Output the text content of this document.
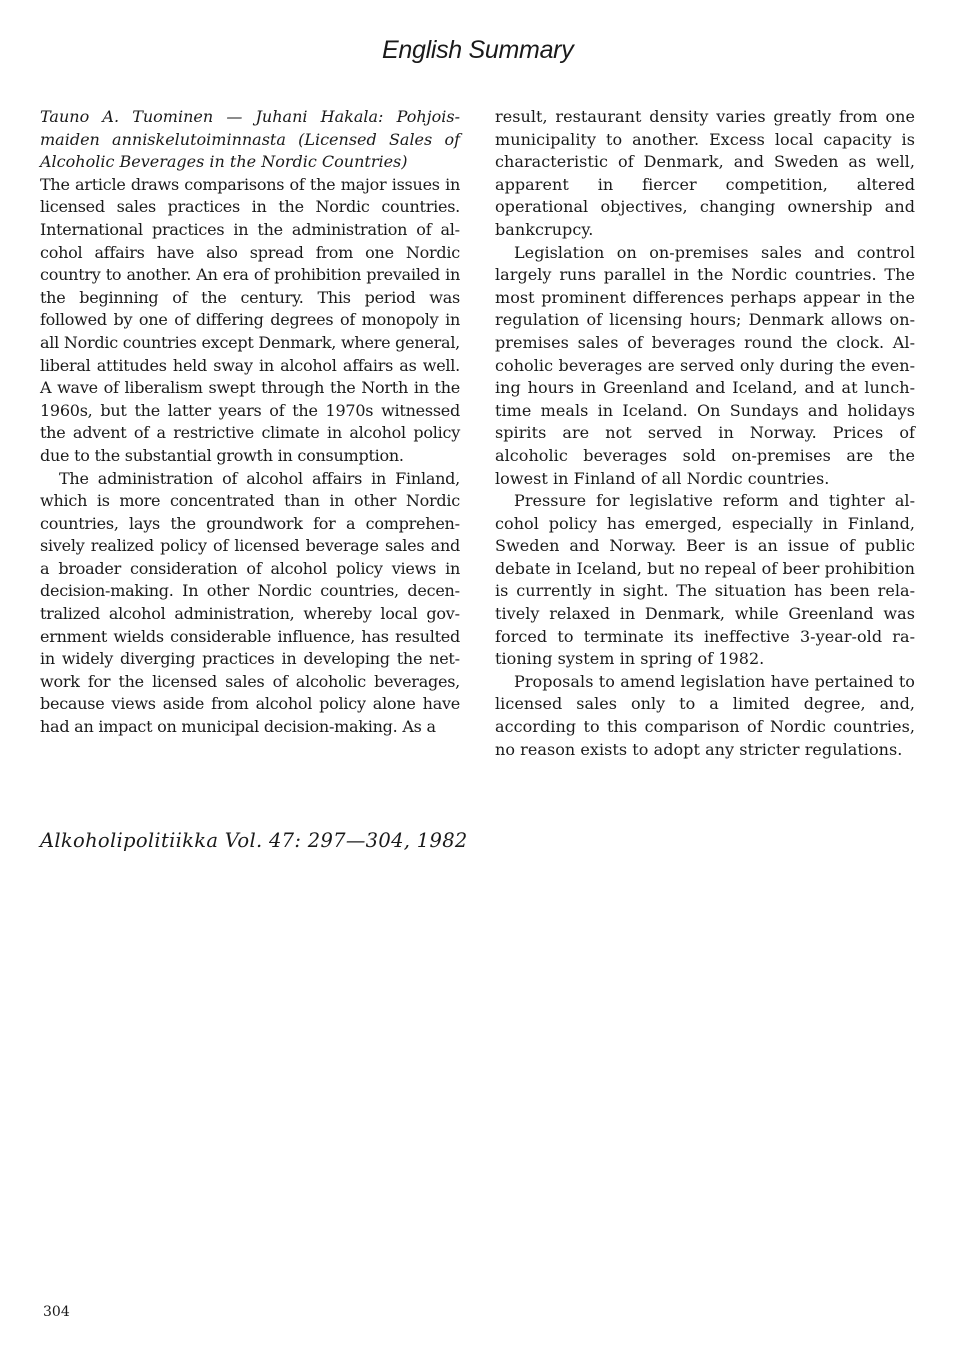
English Summary

Tauno A. Tuominen — Juhani Hakala: Pohjoismaiden anniskelutoiminnasta (Licensed Sales of Alcoholic Beverages in the Nordic Countries)

The article draws comparisons of the major issues in licensed sales practices in the Nordic countries. International practices in the administration of alcohol affairs have also spread from one Nordic country to another. An era of prohibition prevailed in the beginning of the century. This period was followed by one of differing degrees of monopoly in all Nordic countries except Denmark, where general, liberal attitudes held sway in alcohol affairs as well. A wave of liberalism swept through the North in the 1960s, but the latter years of the 1970s witnessed the advent of a restrictive climate in alcohol policy due to the substantial growth in consumption.

The administration of alcohol affairs in Finland, which is more concentrated than in other Nordic countries, lays the groundwork for a comprehensively realized policy of licensed beverage sales and a broader consideration of alcohol policy views in decision-making. In other Nordic countries, decentralized alcohol administration, whereby local government wields considerable influence, has resulted in widely diverging practices in developing the network for the licensed sales of alcoholic beverages, because views aside from alcohol policy alone have had an impact on municipal decision-making. As a

result, restaurant density varies greatly from one municipality to another. Excess local capacity is characteristic of Denmark, and Sweden as well, apparent in fiercer competition, altered operational objectives, changing ownership and bankcrupcy.

Legislation on on-premises sales and control largely runs parallel in the Nordic countries. The most prominent differences perhaps appear in the regulation of licensing hours; Denmark allows onpremises sales of beverages round the clock. Alcoholic beverages are served only during the evening hours in Greenland and Iceland, and at lunchtime meals in Iceland. On Sundays and holidays spirits are not served in Norway. Prices of alcoholic beverages sold on-premises are the lowest in Finland of all Nordic countries.

Pressure for legislative reform and tighter alcohol policy has emerged, especially in Finland, Sweden and Norway. Beer is an issue of public debate in Iceland, but no repeal of beer prohibition is currently in sight. The situation has been relatively relaxed in Denmark, while Greenland was forced to terminate its ineffective 3-year-old rationing system in spring of 1982.

Proposals to amend legislation have pertained to licensed sales only to a limited degree, and, according to this comparison of Nordic countries, no reason exists to adopt any stricter regulations.

Alkoholipolitiikka Vol. 47: 297—304, 1982
304
